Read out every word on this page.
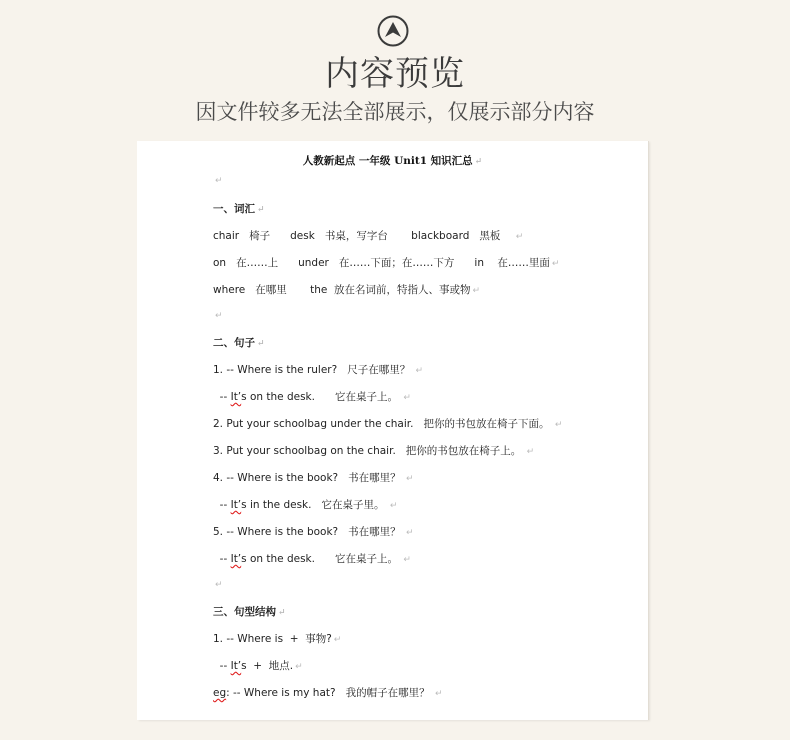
内容预览
因文件较多无法全部展示，仅展示部分内容
人教新起点 一年级 Unit1 知识汇总 ↵
↵
一、词汇 ↵
chair   椅子      desk   书桌，写字台       blackboard   黑板    ↵
on   在……上      under   在……下面；在……下方      in    在……里面 ↵
where   在哪里       the  放在名词前，特指人、事或物 ↵
↵
二、句子 ↵
1. -- Where is the ruler?   尺子在哪里？ ↵
-- It’s on the desk.      它在桌子上。 ↵
2. Put your schoolbag under the chair.   把你的书包放在椅子下面。 ↵
3. Put your schoolbag on the chair.   把你的书包放在椅子上。 ↵
4. -- Where is the book?   书在哪里？ ↵
-- It’s in the desk.   它在桌子里。 ↵
5. -- Where is the book?   书在哪里？ ↵
-- It’s on the desk.      它在桌子上。 ↵
↵
三、句型结构 ↵
1. -- Where is  +  事物? ↵
-- It’s  +  地点. ↵
eg: -- Where is my hat?   我的帽子在哪里？ ↵
